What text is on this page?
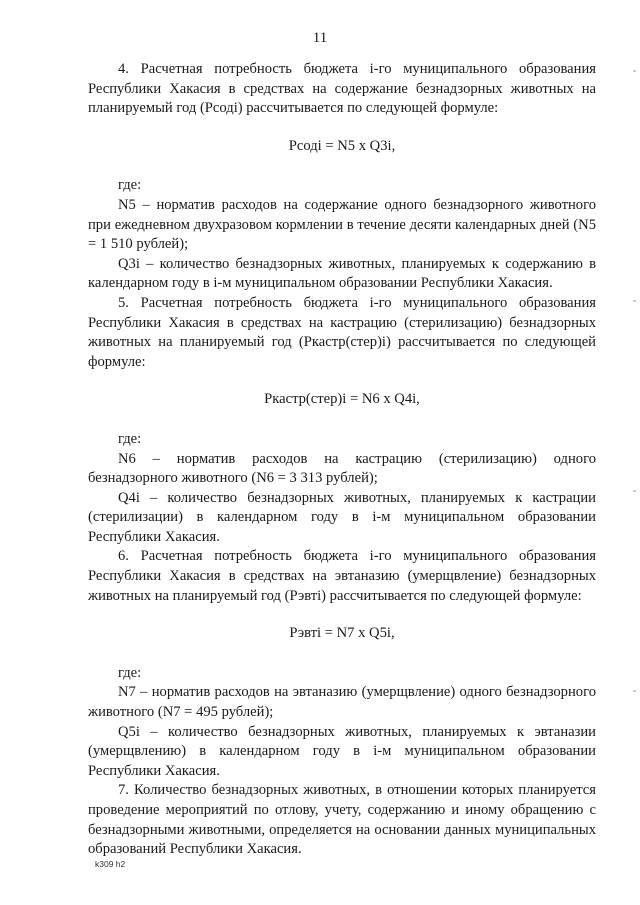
11

4. Расчетная потребность бюджета i-го муниципального образования Республики Хакасия в средствах на содержание безнадзорных животных на планируемый год (Рсодi) рассчитывается по следующей формуле:

Рсодi = N5 x Q3i,

где:

N5 – норматив расходов на содержание одного безнадзорного животного при ежедневном двухразовом кормлении в течение десяти календарных дней (N5 = 1 510 рублей);

Q3i – количество безнадзорных животных, планируемых к содержанию в календарном году в i-м муниципальном образовании Республики Хакасия.

5. Расчетная потребность бюджета i-го муниципального образования Республики Хакасия в средствах на кастрацию (стерилизацию) безнадзорных животных на планируемый год (Ркастр(стер)i) рассчитывается по следующей формуле:

Ркастр(стер)i = N6 x Q4i,

где:

N6 – норматив расходов на кастрацию (стерилизацию) одного безнадзорного животного (N6 = 3 313 рублей);

Q4i – количество безнадзорных животных, планируемых к кастрации (стерилизации) в календарном году в i-м муниципальном образовании Республики Хакасия.

6. Расчетная потребность бюджета i-го муниципального образования Республики Хакасия в средствах на эвтаназию (умерщвление) безнадзорных животных на планируемый год (Рэвтi) рассчитывается по следующей формуле:

Рэвтi = N7 x Q5i,

где:

N7 – норматив расходов на эвтаназию (умерщвление) одного безнадзорного животного (N7 = 495 рублей);

Q5i – количество безнадзорных животных, планируемых к эвтаназии (умерщвлению) в календарном году в i-м муниципальном образовании Республики Хакасия.

7. Количество безнадзорных животных, в отношении которых планируется проведение мероприятий по отлову, учету, содержанию и иному обращению с безнадзорными животными, определяется на основании данных муниципальных образований Республики Хакасия.

k309 h2
